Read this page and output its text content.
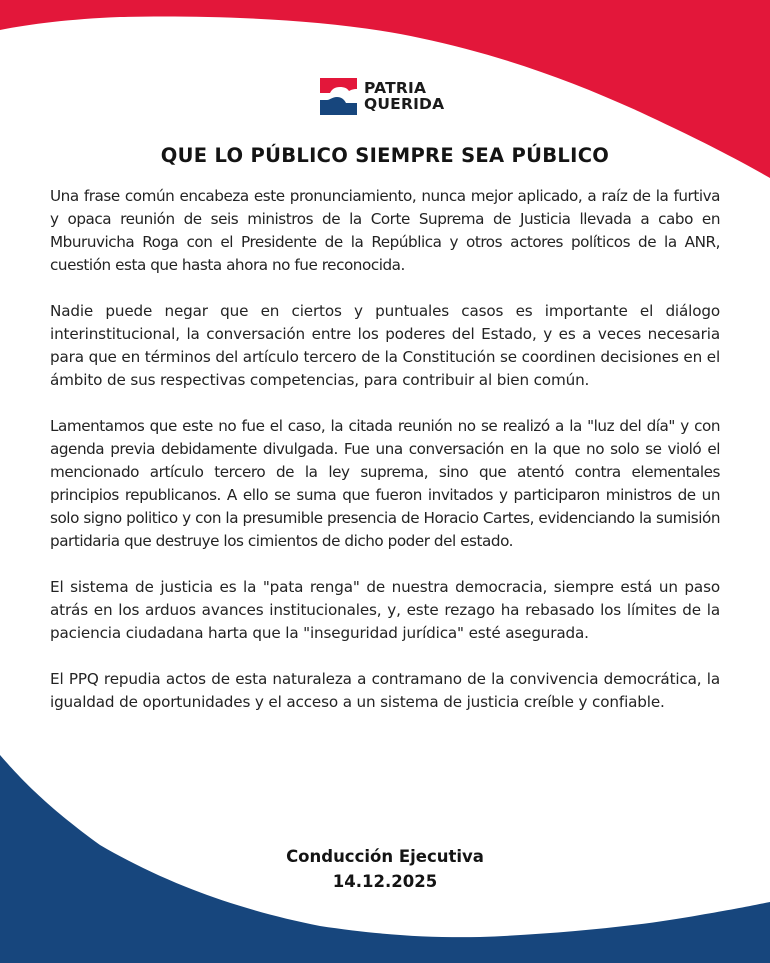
PATRIA
QUERIDA
QUE LO PÚBLICO SIEMPRE SEA PÚBLICO

Una frase común encabeza este pronunciamiento, nunca mejor aplicado, a raíz de la furtiva y opaca reunión de seis ministros de la Corte Suprema de Justicia llevada a cabo en Mburuvicha Roga con el Presidente de la República y otros actores políticos de la ANR, cuestión esta que hasta ahora no fue reconocida.

Nadie puede negar que en ciertos y puntuales casos es importante el diálogo interinstitucional, la conversación entre los poderes del Estado, y es a veces necesaria para que en términos del artículo tercero de la Constitución se coordinen decisiones en el ámbito de sus respectivas competencias, para contribuir al bien común.

Lamentamos que este no fue el caso, la citada reunión no se realizó a la "luz del día" y con agenda previa debidamente divulgada. Fue una conversación en la que no solo se violó el mencionado artículo tercero de la ley suprema, sino que atentó contra elementales principios republicanos. A ello se suma que fueron invitados y participaron ministros de un solo signo politico y con la presumible presencia de Horacio Cartes, evidenciando la sumisión partidaria que destruye los cimientos de dicho poder del estado.

El sistema de justicia es la "pata renga" de nuestra democracia, siempre está un paso atrás en los arduos avances institucionales, y, este rezago ha rebasado los límites de la paciencia ciudadana harta que la "inseguridad jurídica" esté asegurada.

El PPQ repudia actos de esta naturaleza a contramano de la convivencia democrática, la igualdad de oportunidades y el acceso a un sistema de justicia creíble y confiable.

Conducción Ejecutiva
14.12.2025
